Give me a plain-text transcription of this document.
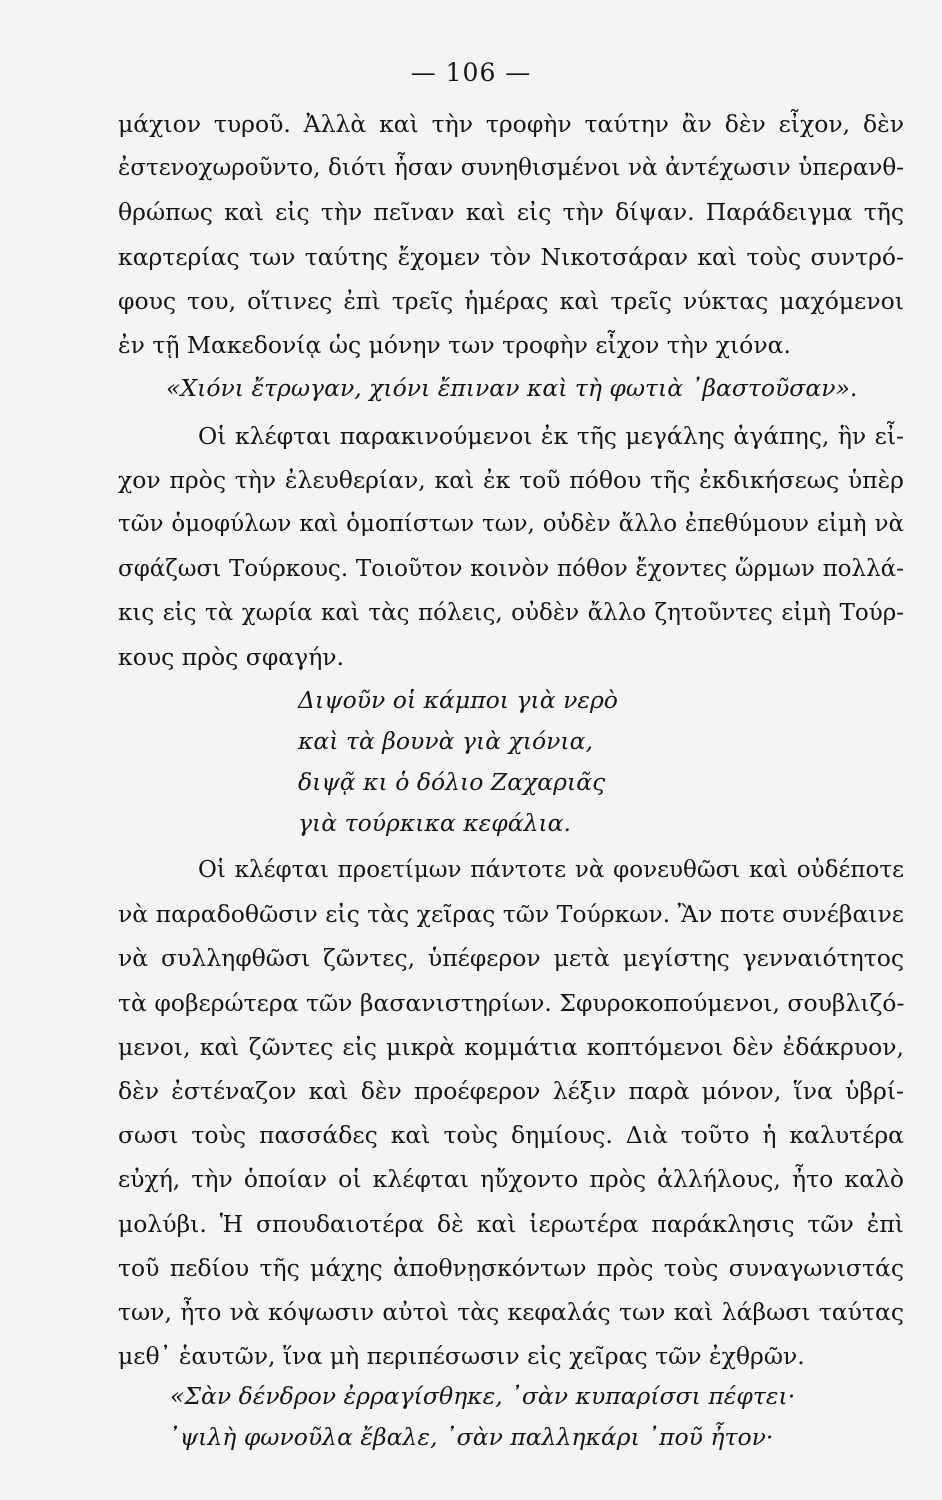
— 106 —
μάχιον τυροῦ. Ἀλλὰ καὶ τὴν τροφὴν ταύτην ἂν δὲν εἶχον, δὲν
ἐστενοχωροῦντο, διότι ἦσαν συνηθισμένοι νὰ ἀντέχωσιν ὑπερανθ-
θρώπως καὶ εἰς τὴν πεῖναν καὶ εἰς τὴν δίψαν. Παράδειγμα τῆς
καρτερίας των ταύτης ἔχομεν τὸν Νικοτσάραν καὶ τοὺς συντρό-
φους του, οἵτινες ἐπὶ τρεῖς ἡμέρας καὶ τρεῖς νύκτας μαχόμενοι
ἐν τῇ Μακεδονίᾳ ὡς μόνην των τροφὴν εἶχον τὴν χιόνα.
«Χιόνι ἔτρωγαν, χιόνι ἔπιναν καὶ τὴ φωτιὰ ᾿βαστοῦσαν».
Οἱ κλέφται παρακινούμενοι ἐκ τῆς μεγάλης ἀγάπης, ἣν εἶ-
χον πρὸς τὴν ἐλευθερίαν, καὶ ἐκ τοῦ πόθου τῆς ἐκδικήσεως ὑπὲρ
τῶν ὁμοφύλων καὶ ὁμοπίστων των, οὐδὲν ἄλλο ἐπεθύμουν εἰμὴ νὰ
σφάζωσι Τούρκους. Τοιοῦτον κοινὸν πόθον ἔχοντες ὥρμων πολλά-
κις εἰς τὰ χωρία καὶ τὰς πόλεις, οὐδὲν ἄλλο ζητοῦντες εἰμὴ Τούρ-
κους πρὸς σφαγήν.
Διψοῦν οἱ κάμποι γιὰ νερὸ
καὶ τὰ βουνὰ γιὰ χιόνια,
διψᾷ κι ὁ δόλιο Ζαχαριᾶς
γιὰ τούρκικα κεφάλια.
Οἱ κλέφται προετίμων πάντοτε νὰ φονευθῶσι καὶ οὐδέποτε
νὰ παραδοθῶσιν εἰς τὰς χεῖρας τῶν Τούρκων. Ἂν ποτε συνέβαινε
νὰ συλληφθῶσι ζῶντες, ὑπέφερον μετὰ μεγίστης γενναιότητος
τὰ φοβερώτερα τῶν βασανιστηρίων. Σφυροκοπούμενοι, σουβλιζό-
μενοι, καὶ ζῶντες εἰς μικρὰ κομμάτια κοπτόμενοι δὲν ἐδάκρυον,
δὲν ἐστέναζον καὶ δὲν προέφερον λέξιν παρὰ μόνον, ἵνα ὑβρί-
σωσι τοὺς πασσάδες καὶ τοὺς δημίους. Διὰ τοῦτο ἡ καλυτέρα
εὐχή, τὴν ὁποίαν οἱ κλέφται ηὔχοντο πρὸς ἀλλήλους, ἦτο καλὸ
μολύβι. Ἡ σπουδαιοτέρα δὲ καὶ ἱερωτέρα παράκλησις τῶν ἐπὶ
τοῦ πεδίου τῆς μάχης ἀποθνῃσκόντων πρὸς τοὺς συναγωνιστάς
των, ἦτο νὰ κόψωσιν αὐτοὶ τὰς κεφαλάς των καὶ λάβωσι ταύτας
μεθ᾿ ἑαυτῶν, ἵνα μὴ περιπέσωσιν εἰς χεῖρας τῶν ἐχθρῶν.
«Σὰν δένδρον ἐρραγίσθηκε, ᾿σὰν κυπαρίσσι πέφτει·
᾿ψιλὴ φωνοῦλα ἔβαλε, ᾿σὰν παλληκάρι ᾿ποῦ ἦτον·
